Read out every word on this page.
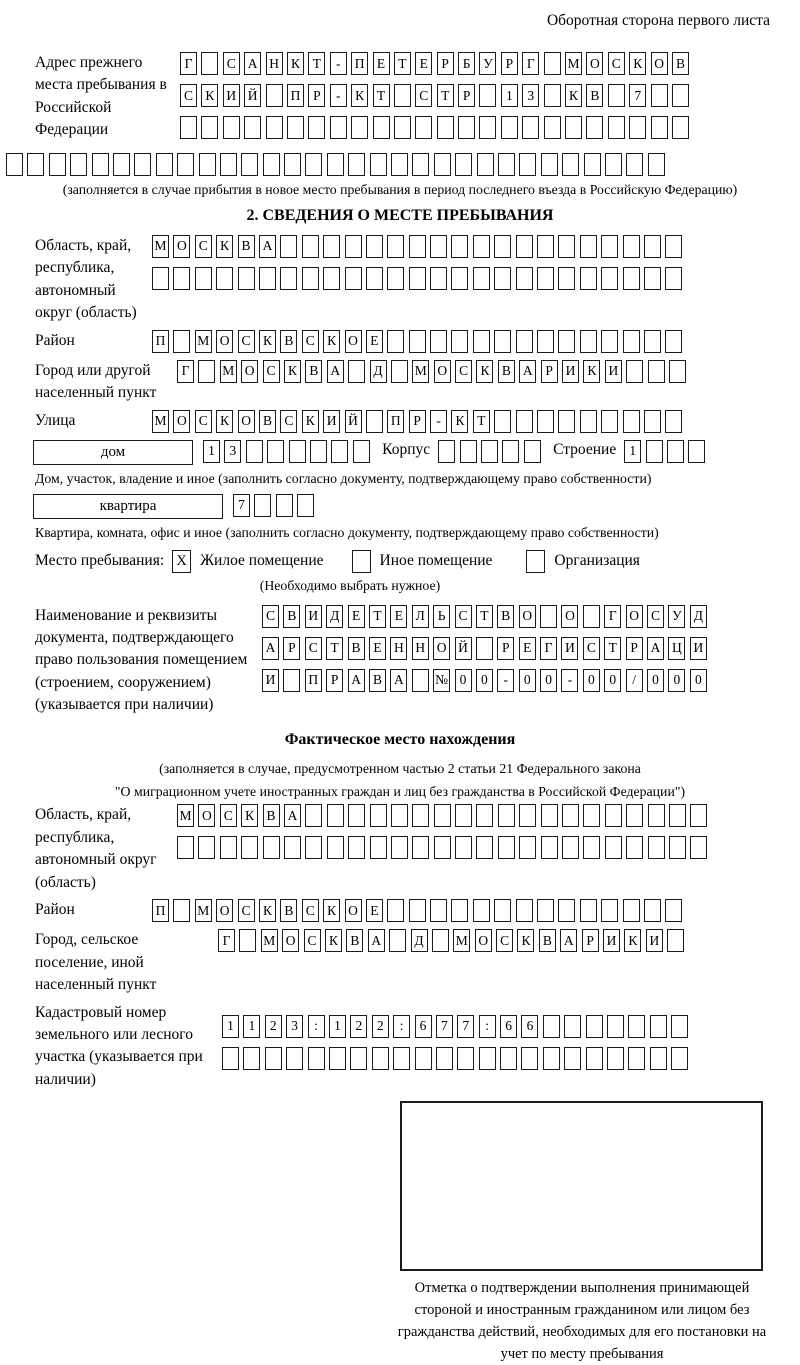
Оборотная сторона первого листа
Адрес прежнего места пребывания в Российской Федерации
Г	С А Н К Т	-	П Е Т Е	Р	Б У Р	Г	М О С К О В
С К И Й П Р	-	К Т	С Т	Р	1	3	К В	7
(заполняется в случае прибытия в новое место пребывания в период последнего въезда в Российскую Федерацию)
2. СВЕДЕНИЯ О МЕСТЕ ПРЕБЫВАНИЯ
Область, край, республика, автономный округ (область)
М О С К В А
Район	П М О С К В С К О Е
Город или другой населенный пункт
Г	М О С К В А Д М О С К В А Р И К И
Улица	М О С К О В С К И Й П Р	-	К Т
дом	1	3	Корпус	Строение 1
Дом, участок, владение и иное (заполнить согласно документу, подтверждающему право собственности)
квартира	7
Квартира, комната, офис и иное (заполнить согласно документу, подтверждающему право собственности)
Место пребывания: X Жилое помещение	Иное помещение	Организация
(Необходимо выбрать нужное)
Наименование и реквизиты документа, подтверждающего право пользования помещением (строением, сооружением) (указывается при наличии)
С В И Д Е Т Е Л Ь С Т В О О	Г О С У Д
А Р С Т В Е Н Н О Й	Р	Е Г И С Т	Р А Ц И
И П Р А В А № 0	0	-	0	0	-	0	0	/	0	0	0
Фактическое место нахождения
(заполняется в случае, предусмотренном частью 2 статьи 21 Федерального закона
"О миграционном учете иностранных граждан и лиц без гражданства в Российской Федерации")
Область, край, республика, автономный округ (область)
М О С К В А
Район	П М О С К В С К О Е
Город, сельское поселение, иной населенный пункт
Г	М О С К В А Д М О С К В А Р И К И
Кадастровый номер земельного или лесного участка (указывается при наличии)
1	1	2	3	:	1	2	2	:	6	7	7	:	6	6
Отметка о подтверждении выполнения принимающей стороной и иностранным гражданином или лицом без гражданства действий, необходимых для его постановки на учет по месту пребывания
